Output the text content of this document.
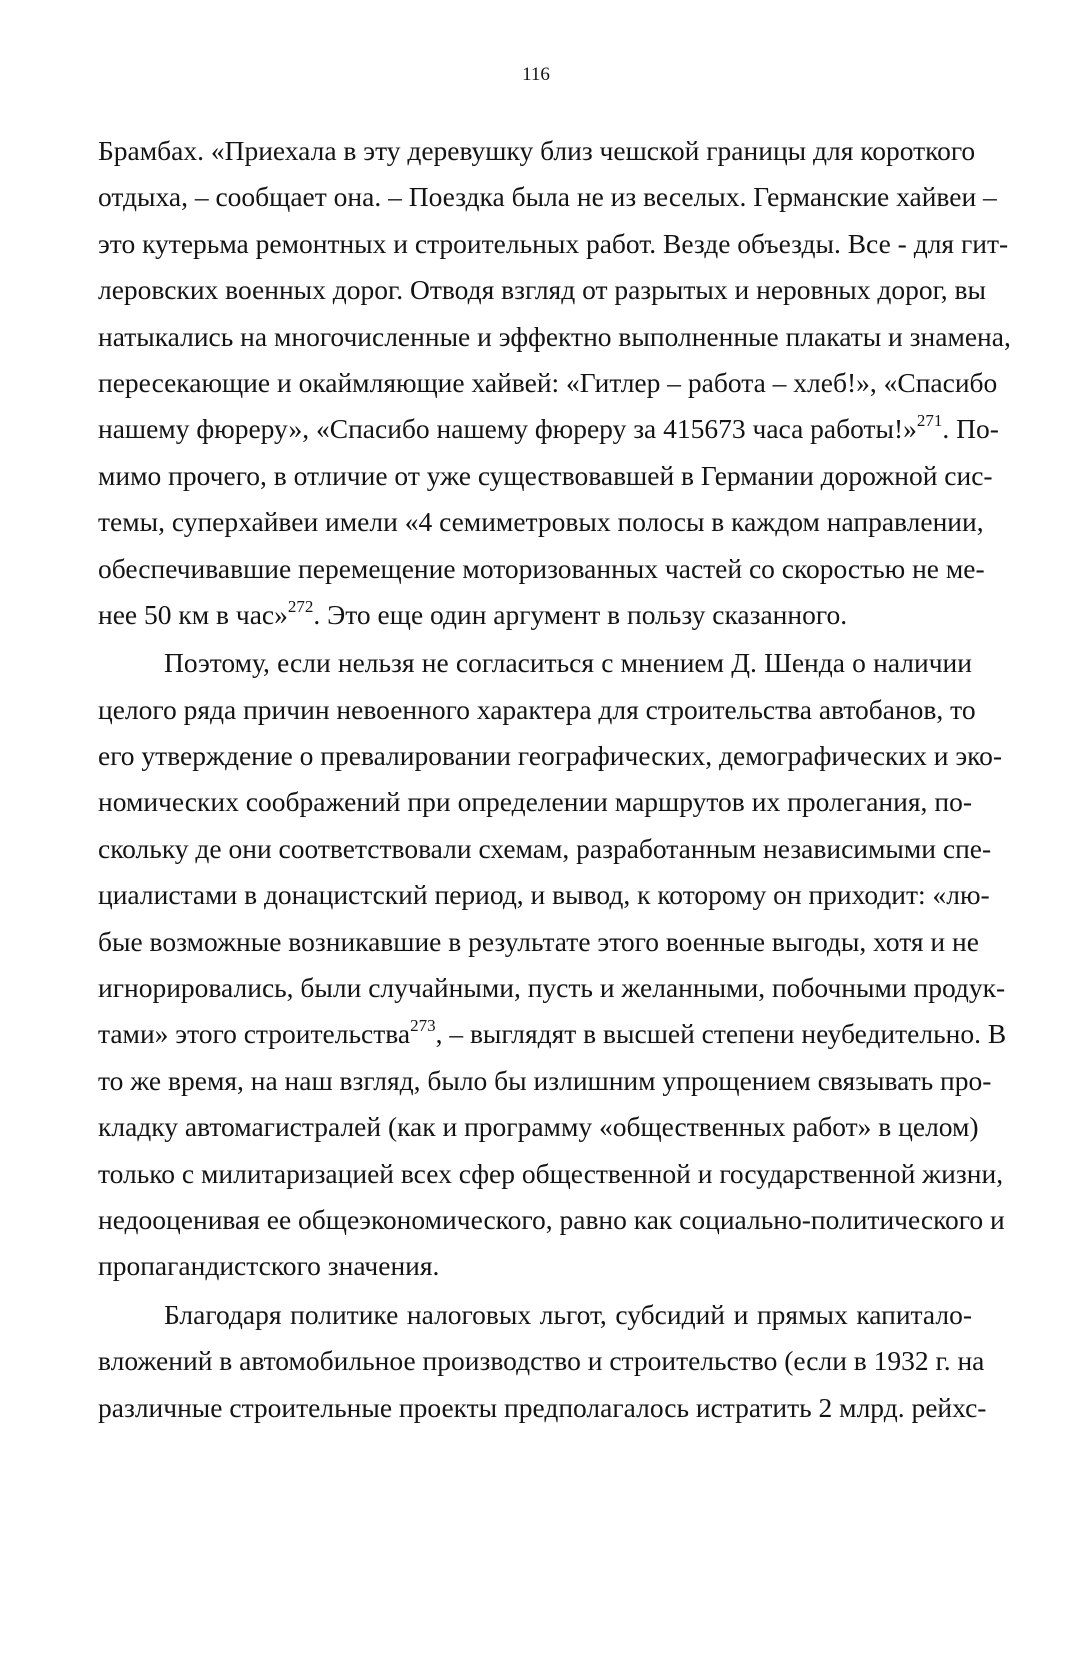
116

Брамбах. «Приехала в эту деревушку близ чешской границы для короткого
отдыха, – сообщает она. – Поездка была не из веселых. Германские хайвеи –
это кутерьма ремонтных и строительных работ. Везде объезды. Все - для гит-
леровских военных дорог. Отводя взгляд от разрытых и неровных дорог, вы
натыкались на многочисленные и эффектно выполненные плакаты и знамена,
пересекающие и окаймляющие хайвей: «Гитлер – работа – хлеб!», «Спасибо
нашему фюреру», «Спасибо нашему фюреру за 415673 часа работы!»$^{271}$. По-
мимо прочего, в отличие от уже существовавшей в Германии дорожной сис-
темы, суперхайвеи имели «4 семиметровых полосы в каждом направлении,
обеспечивавшие перемещение моторизованных частей со скоростью не ме-
нее 50 км в час»$^{272}$. Это еще один аргумент в пользу сказанного.

Поэтому, если нельзя не согласиться с мнением Д. Шенда о наличии
целого ряда причин невоенного характера для строительства автобанов, то
его утверждение о превалировании географических, демографических и эко-
номических соображений при определении маршрутов их пролегания, по-
скольку де они соответствовали схемам, разработанным независимыми спе-
циалистами в донацистский период, и вывод, к которому он приходит: «лю-
бые возможные возникавшие в результате этого военные выгоды, хотя и не
игнорировались, были случайными, пусть и желанными, побочными продук-
тами» этого строительства$^{273}$, – выглядят в высшей степени неубедительно. В
то же время, на наш взгляд, было бы излишним упрощением связывать про-
кладку автомагистралей (как и программу «общественных работ» в целом)
только с милитаризацией всех сфер общественной и государственной жизни,
недооценивая ее общеэкономического, равно как социально-политического и
пропагандистского значения.

Благодаря политике налоговых льгот, субсидий и прямых капитало-
вложений в автомобильное производство и строительство (если в 1932 г. на
различные строительные проекты предполагалось истратить 2 млрд. рейхс-
